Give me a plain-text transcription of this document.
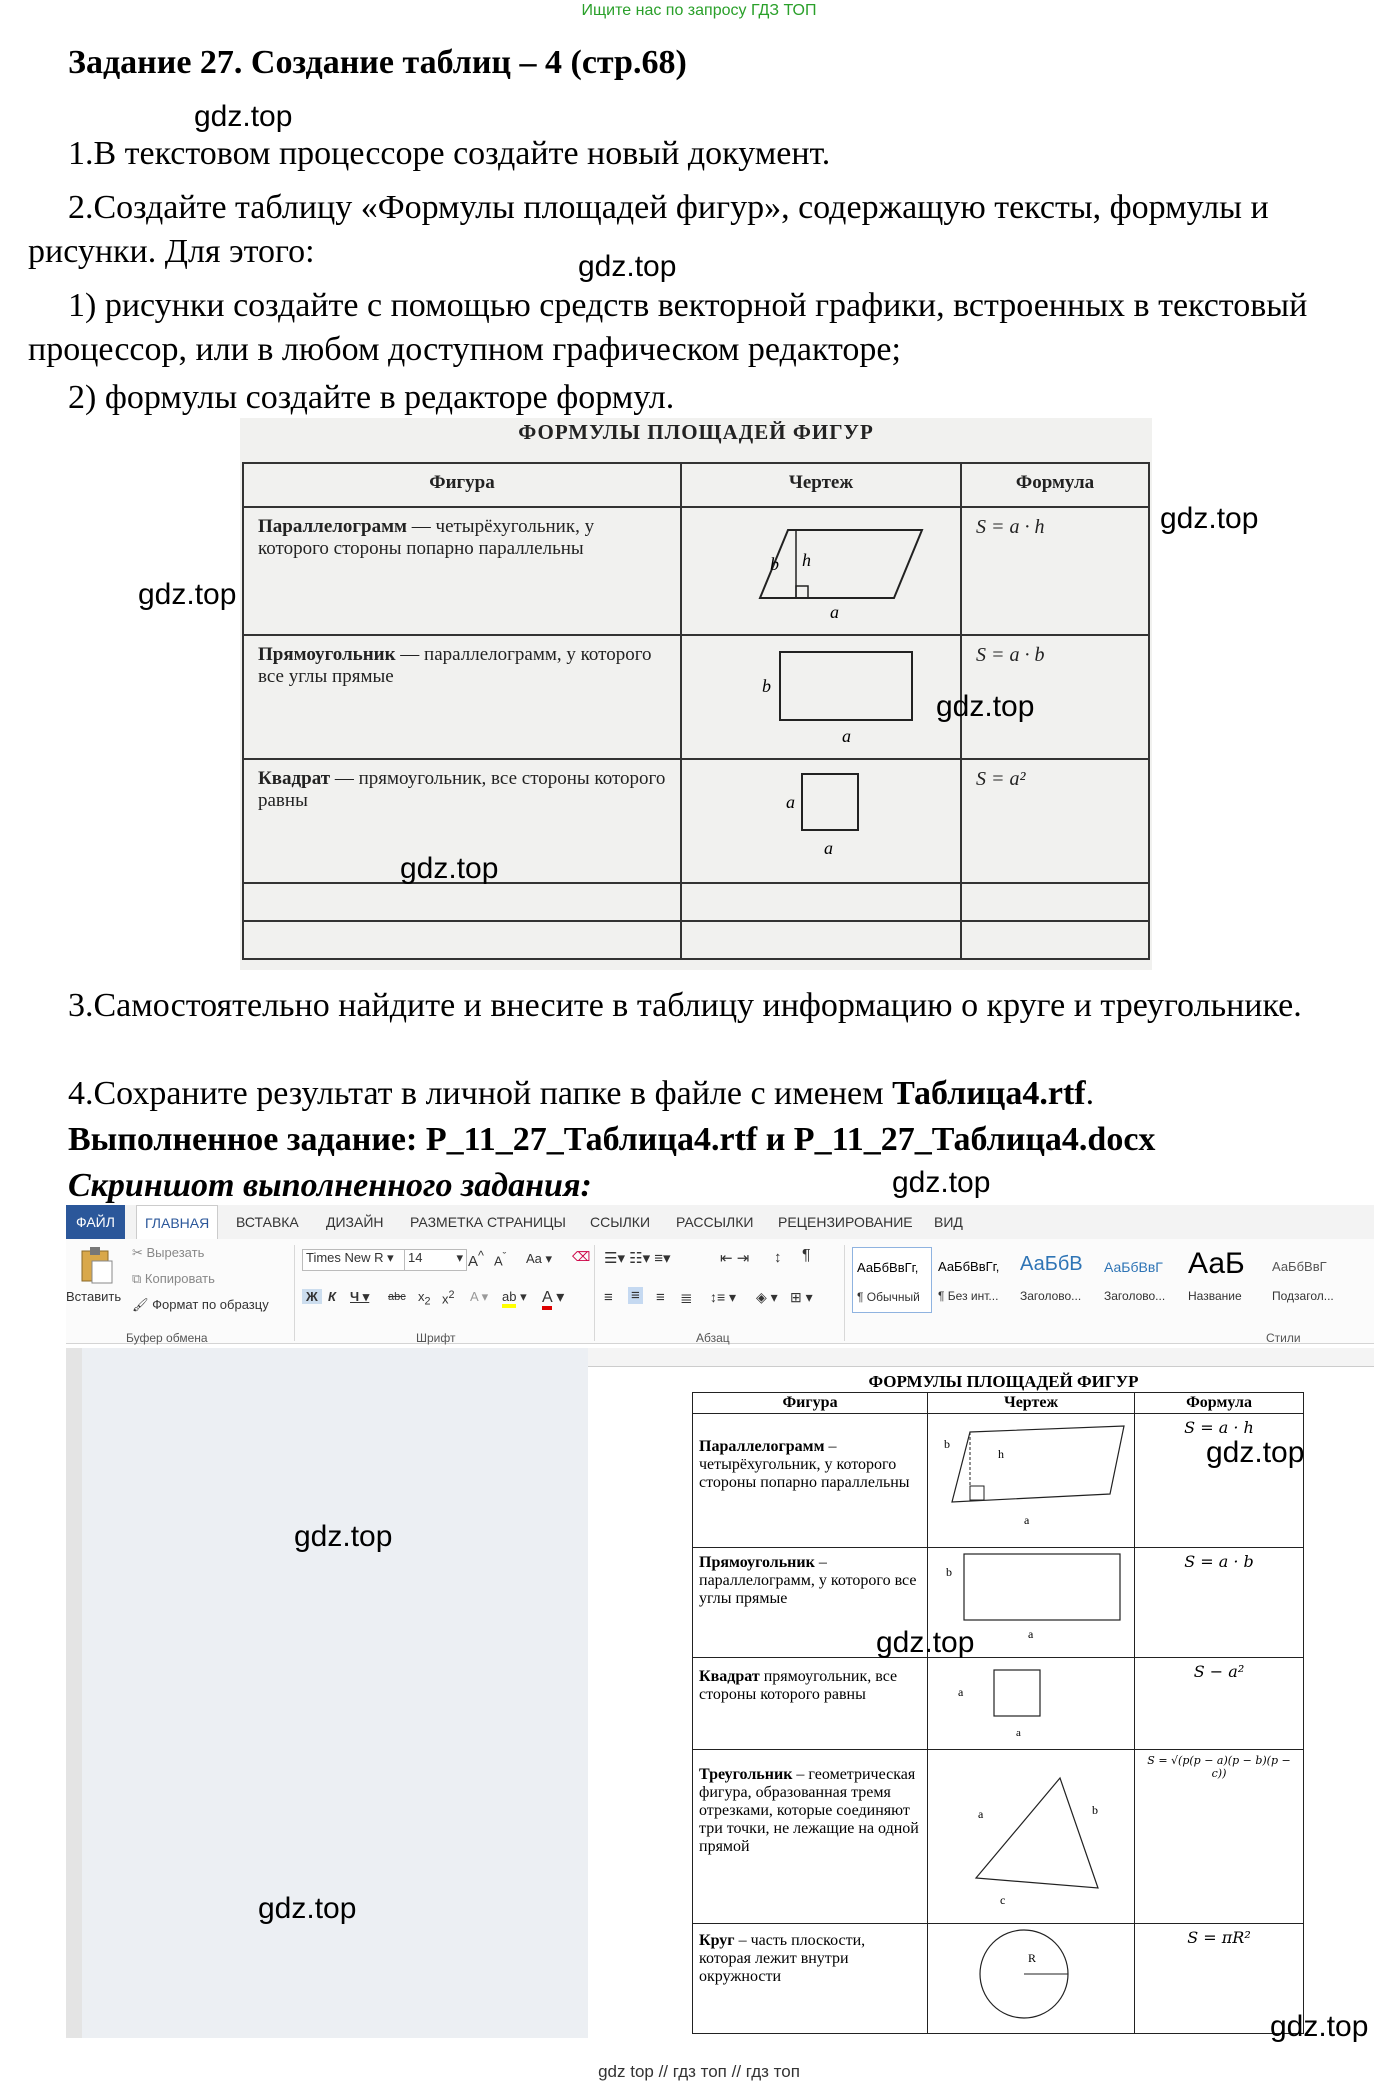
Ищите нас по запросу ГДЗ ТОП
Задание 27. Создание таблиц – 4 (стр.68)
gdz.top
1.В текстовом процессоре создайте новый документ.
2.Создайте таблицу «Формулы площадей фигур», содержащую тексты, формулы и рисунки. Для этого:	gdz.top
1) рисунки создайте с помощью средств векторной графики, встроенных в текстовый процессор, или в любом доступном графическом редакторе;
2) формулы создайте в редакторе формул.
ФОРМУЛЫ ПЛОЩАДЕЙ ФИГУР
Фигура	Чертеж	Формула
Параллелограмм — четырёхугольник, у которого стороны попарно параллельны	b h
a	S = a · h
Прямоугольник — параллелограмм, у которого все углы прямые	b
a	S = a · b
Квадрат — прямоугольник, все стороны которого равны	a
a	S = a²

gdz.top
gdz.top
gdz.top
gdz.top
3.Самостоятельно найдите и внесите в таблицу информацию о круге и треугольнике.
4.Сохраните результат в личной папке в файле с именем Таблица4.rtf.
Выполненное задание: P_11_27_Таблица4.rtf и P_11_27_Таблица4.docx
Скриншот выполненного задания:	gdz.top
ФАЙЛ	ГЛАВНАЯ	ВСТАВКА ДИЗАЙН РАЗМЕТКА СТРАНИЦЫ ССЫЛКИ РАССЫЛКИ РЕЦЕНЗИРОВАНИЕ ВИД
Вставить
✂ Вырезать
⧉ Копировать
🖌 Формат по образцу
Буфер обмена
Times New R ▾	14	▾ A^ $A^ˇ$ Aa ▾ ⌫
Ж К Ч ▾ abc $x_2$ $x^2$ A ▾ ab ▾ A ▾
Шрифт
☰▾ ☷▾ ≡▾	⇤ ⇥ ↕ ¶
≡ ≡ ≡ ≣ ↕≡ ▾ ◈ ▾ ⊞ ▾
Абзац
АаБбВвГг,
¶ Обычный
АаБбВвГг,
¶ Без инт...
АаБбВ
Заголово...
АаБбВвГ
Заголово...
АаБ
Название
АаБбВвГ
Подзагол...
Стили
gdz.top
gdz.top
ФОРМУЛЫ ПЛОЩАДЕЙ ФИГУР
Фигура	Чертеж	Формула
Параллелограмм – четырёхугольник, у которого стороны попарно параллельны	b
h
a	S = a · h
Прямоугольник – параллелограмм, у которого все углы прямые	b
a	S = a · b
Квадрат прямоугольник, все стороны которого равны	a
a	S − a²
Треугольник – геометрическая фигура, образованная тремя отрезками, которые соединяют три точки, не лежащие на одной прямой	a b
c	S = √(p(p − a)(p − b)(p − c))
Круг – часть плоскости, которая лежит внутри окружности	R	S = πR²
gdz.top
gdz.top
gdz.top
gdz top // гдз топ // гдз топ
